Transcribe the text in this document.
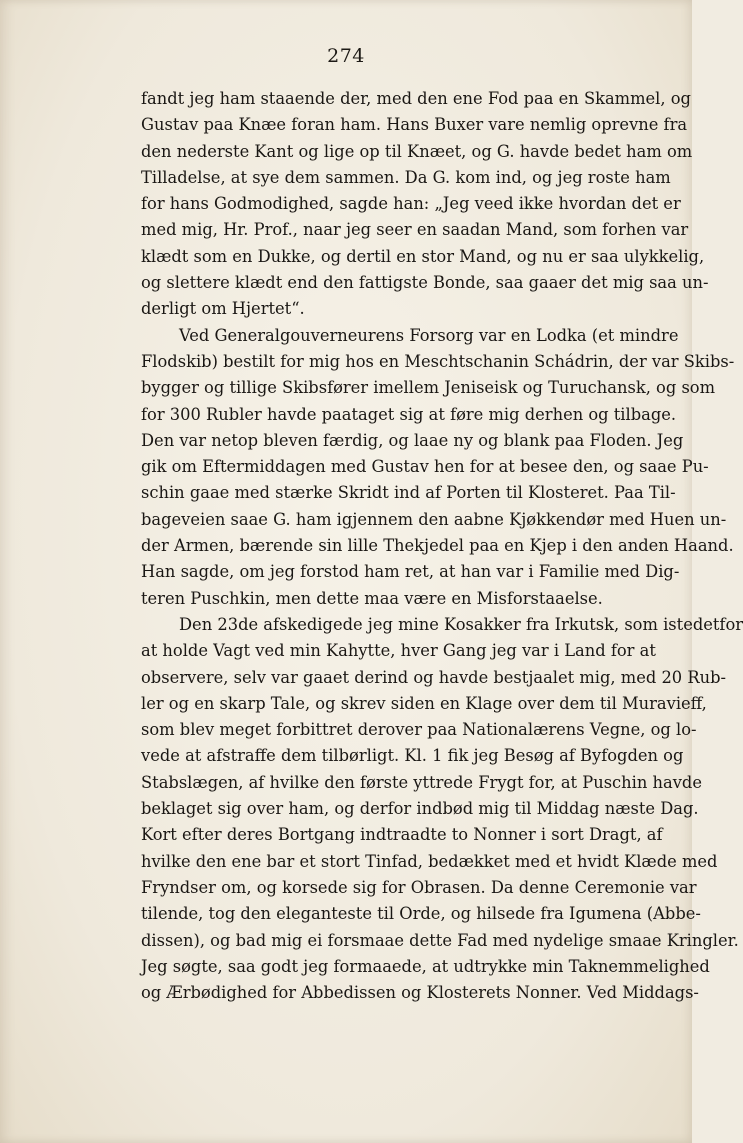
274
fandt jeg ham staaende der, med den ene Fod paa en Skammel, og
Gustav paa Knæe foran ham. Hans Buxer vare nemlig oprevne fra
den nederste Kant og lige op til Knæet, og G. havde bedet ham om
Tilladelse, at sye dem sammen. Da G. kom ind, og jeg roste ham
for hans Godmodighed, sagde han: „Jeg veed ikke hvordan det er
med mig, Hr. Prof., naar jeg seer en saadan Mand, som forhen var
klædt som en Dukke, og dertil en stor Mand, og nu er saa ulykkelig,
og slettere klædt end den fattigste Bonde, saa gaaer det mig saa un-
derligt om Hjertet“.
Ved Generalgouverneurens Forsorg var en Lodka (et mindre
Flodskib) bestilt for mig hos en Meschtschanin Schádrin, der var Skibs-
bygger og tillige Skibsfører imellem Jeniseisk og Turuchansk, og som
for 300 Rubler havde paataget sig at føre mig derhen og tilbage.
Den var netop bleven færdig, og laae ny og blank paa Floden. Jeg
gik om Eftermiddagen med Gustav hen for at besee den, og saae Pu-
schin gaae med stærke Skridt ind af Porten til Klosteret. Paa Til-
bageveien saae G. ham igjennem den aabne Kjøkkendør med Huen un-
der Armen, bærende sin lille Thekjedel paa en Kjep i den anden Haand.
Han sagde, om jeg forstod ham ret, at han var i Familie med Dig-
teren Puschkin, men dette maa være en Misforstaaelse.
Den 23de afskedigede jeg mine Kosakker fra Irkutsk, som istedetfor
at holde Vagt ved min Kahytte, hver Gang jeg var i Land for at
observere, selv var gaaet derind og havde bestjaalet mig, med 20 Rub-
ler og en skarp Tale, og skrev siden en Klage over dem til Muravieff,
som blev meget forbittret derover paa Nationalærens Vegne, og lo-
vede at afstraffe dem tilbørligt. Kl. 1 fik jeg Besøg af Byfogden og
Stabslægen, af hvilke den første yttrede Frygt for, at Puschin havde
beklaget sig over ham, og derfor indbød mig til Middag næste Dag.
Kort efter deres Bortgang indtraadte to Nonner i sort Dragt, af
hvilke den ene bar et stort Tinfad, bedækket med et hvidt Klæde med
Fryndser om, og korsede sig for Obrasen. Da denne Ceremonie var
tilende, tog den eleganteste til Orde, og hilsede fra Igumena (Abbe-
dissen), og bad mig ei forsmaae dette Fad med nydelige smaae Kringler.
Jeg søgte, saa godt jeg formaaede, at udtrykke min Taknemmelighed
og Ærbødighed for Abbedissen og Klosterets Nonner. Ved Middags-
